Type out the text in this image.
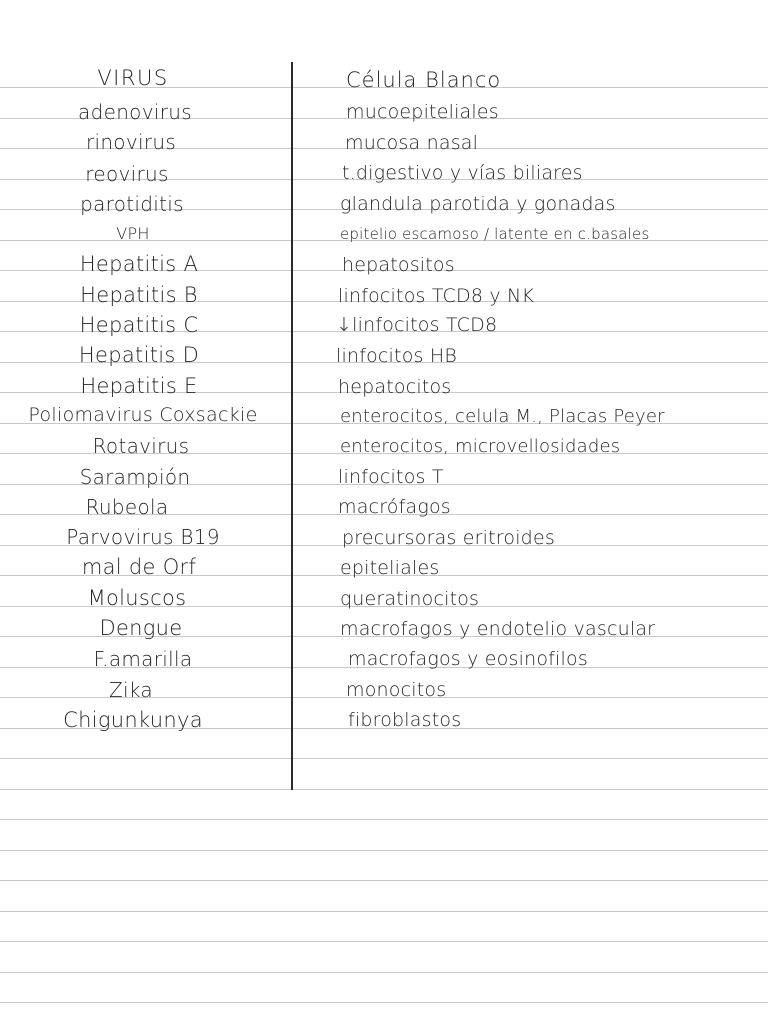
VIRUS	Célula Blanco
adenovirus	mucoepiteliales
rinovirus	mucosa nasal
reovirus	t.digestivo y vías biliares
parotiditis	glandula parotida y gonadas
VPH	epitelio escamoso / latente en c.basales
Hepatitis A	hepatositos
Hepatitis B	linfocitos TCD8 y NK
Hepatitis C	↓linfocitos TCD8
Hepatitis D	linfocitos HB
Hepatitis E	hepatocitos
Poliomavirus Coxsackie	enterocitos, celula M., Placas Peyer
Rotavirus	enterocitos, microvellosidades
Sarampión	linfocitos T
Rubeola	macrófagos
Parvovirus B19	precursoras eritroides
mal de Orf	epiteliales
Moluscos	queratinocitos
Dengue	macrofagos y endotelio vascular
F.amarilla	macrofagos y eosinofilos
Zika	monocitos
Chigunkunya	fibroblastos
